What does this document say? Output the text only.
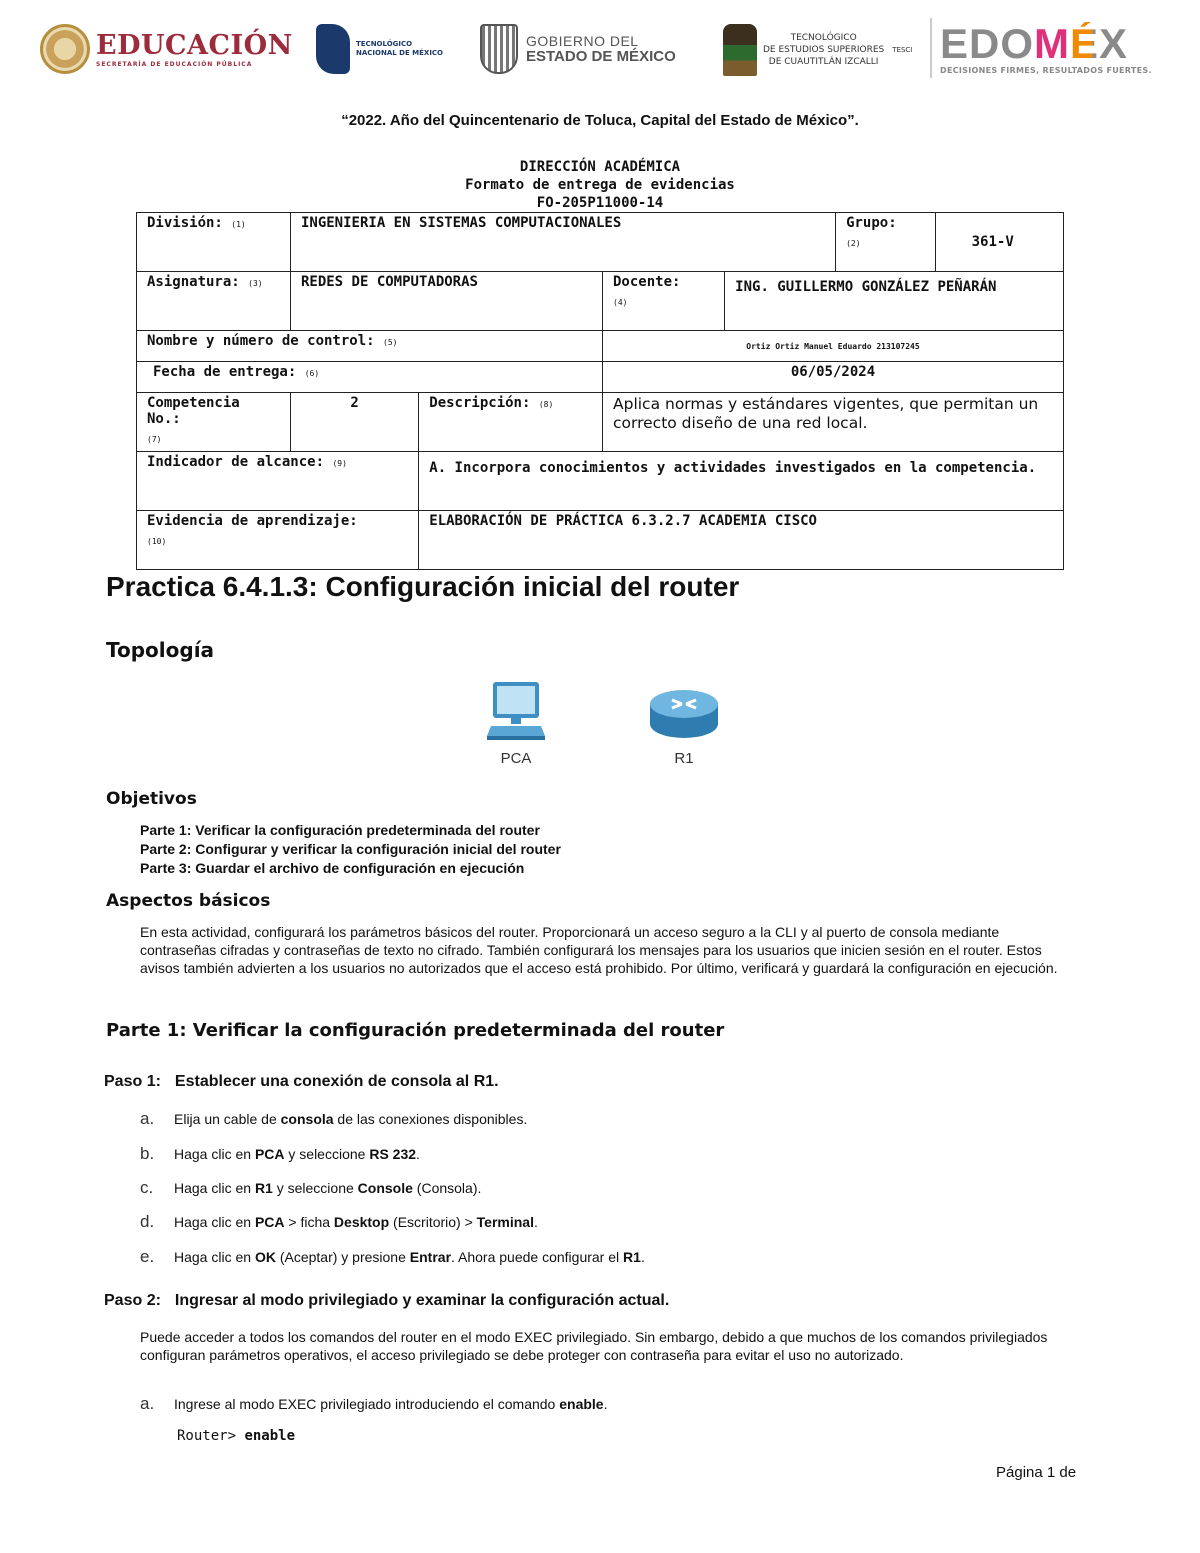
EDUCACIÓN
SECRETARÍA DE EDUCACIÓN PÚBLICA
TECNOLÓGICO
NACIONAL DE MÉXICO
GOBIERNO DEL
ESTADO DE MÉXICO
TECNOLÓGICO
DE ESTUDIOS SUPERIORES
DE CUAUTITLÁN IZCALLI
TESCI EDOMÉX
DECISIONES FIRMES, RESULTADOS FUERTES.
“2022. Año del Quincentenario de Toluca, Capital del Estado de México”.
DIRECCIÓN ACADÉMICA
Formato de entrega de evidencias
FO-205P11000-14
División: (1)	INGENIERIA EN SISTEMAS COMPUTACIONALES				Grupo:
(2)	361-V
Asignatura: (3)	REDES DE COMPUTADORAS		Docente:
(4)	ING. GUILLERMO GONZÁLEZ PEÑARÁN		
Nombre y número de control: (5)			Ortiz Ortiz Manuel Eduardo 213107245			
Fecha de entrega: (6)			06/05/2024			

Competencia No.:
(7)	2	Descripción: (8)	Aplica normas y estándares vigentes, que permitan un correcto diseño de una red local.			
Indicador de alcance: (9)		A. Incorpora conocimientos y actividades investigados en la competencia.				

Evidencia de aprendizaje:
(10)		ELABORACIÓN DE PRÁCTICA 6.3.2.7 ACADEMIA CISCO				
Practica 6.4.1.3: Configuración inicial del router
Topología
PCA	R1
Objetivos
Parte 1: Verificar la configuración predeterminada del router
Parte 2: Configurar y verificar la configuración inicial del router
Parte 3: Guardar el archivo de configuración en ejecución
Aspectos básicos
En esta actividad, configurará los parámetros básicos del router. Proporcionará un acceso seguro a la CLI y al puerto de consola mediante contraseñas cifradas y contraseñas de texto no cifrado. También configurará los mensajes para los usuarios que inicien sesión en el router. Estos avisos también advierten a los usuarios no autorizados que el acceso está prohibido. Por último, verificará y guardará la configuración en ejecución.
Parte 1: Verificar la configuración predeterminada del router
Paso 1: Establecer una conexión de consola al R1.
a. Elija un cable de consola de las conexiones disponibles.
b. Haga clic en PCA y seleccione RS 232.
c. Haga clic en R1 y seleccione Console (Consola).
d. Haga clic en PCA > ficha Desktop (Escritorio) > Terminal.
e. Haga clic en OK (Aceptar) y presione Entrar. Ahora puede configurar el R1.
Paso 2: Ingresar al modo privilegiado y examinar la configuración actual.
Puede acceder a todos los comandos del router en el modo EXEC privilegiado. Sin embargo, debido a que muchos de los comandos privilegiados configuran parámetros operativos, el acceso privilegiado se debe proteger con contraseña para evitar el uso no autorizado.
a. Ingrese al modo EXEC privilegiado introduciendo el comando enable.
Router> enable
Página 1 de
